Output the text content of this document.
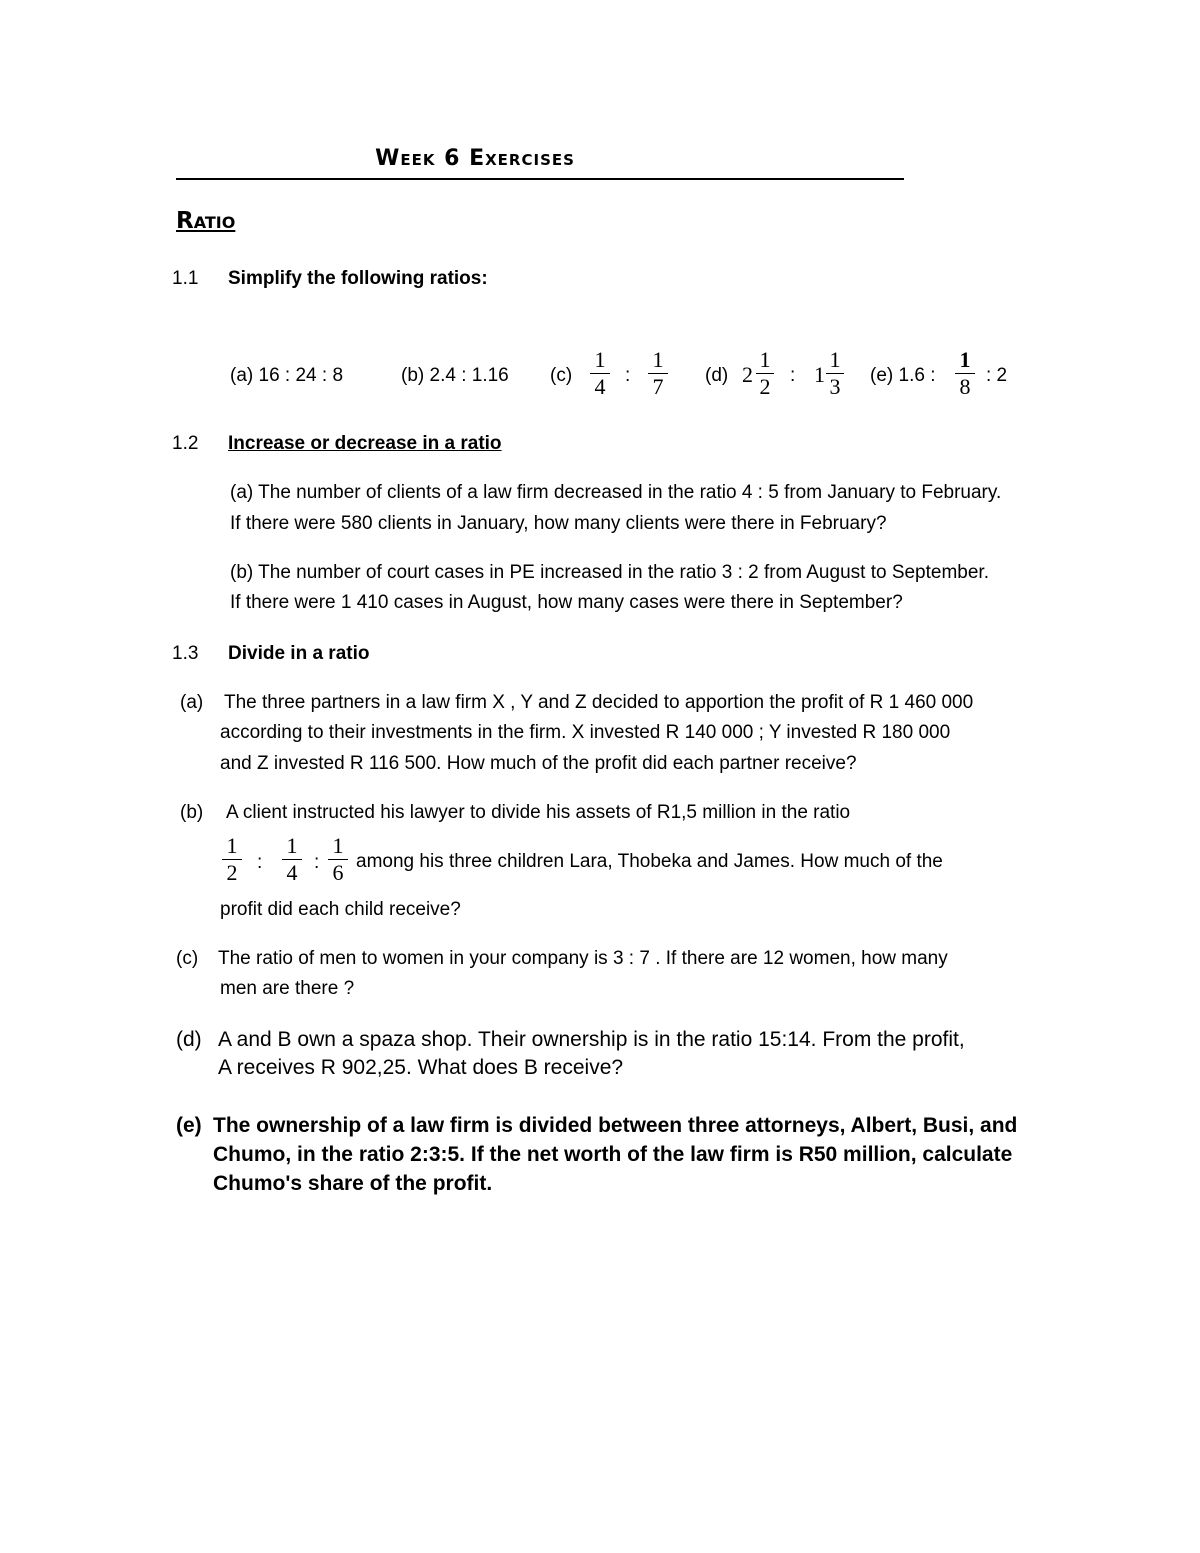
Week 6 Exercises
Ratio
1.1 Simplify the following ratios:
(a) 16 : 24 : 8	(b) 2.4 : 1.16 (c)
1
4 :
1
7 (d) 2
1
2 : 1
1
3 (e) 1.6 :
1
8 : 2
1.2 Increase or decrease in a ratio
(a) The number of clients of a law firm decreased in the ratio 4 : 5 from January to February.
If there were 580 clients in January, how many clients were there in February?
(b) The number of court cases in PE increased in the ratio 3 : 2 from August to September.
If there were 1 410 cases in August, how many cases were there in September?
1.3 Divide in a ratio
(a) The three partners in a law firm X , Y and Z decided to apportion the profit of R 1 460 000
according to their investments in the firm. X invested R 140 000 ; Y invested R 180 000
and Z invested R 116 500. How much of the profit did each partner receive?
(b) A client instructed his lawyer to divide his assets of R1,5 million in the ratio
1
2 :
1
4 :
1
6 among his three children Lara, Thobeka and James. How much of the
profit did each child receive?
(c) The ratio of men to women in your company is 3 : 7 . If there are 12 women, how many
men are there ?
(d) A and B own a spaza shop. Their ownership is in the ratio 15:14. From the profit,
A receives R 902,25. What does B receive?
(e) The ownership of a law firm is divided between three attorneys, Albert, Busi, and
Chumo, in the ratio 2:3:5. If the net worth of the law firm is R50 million, calculate
Chumo's share of the profit.
